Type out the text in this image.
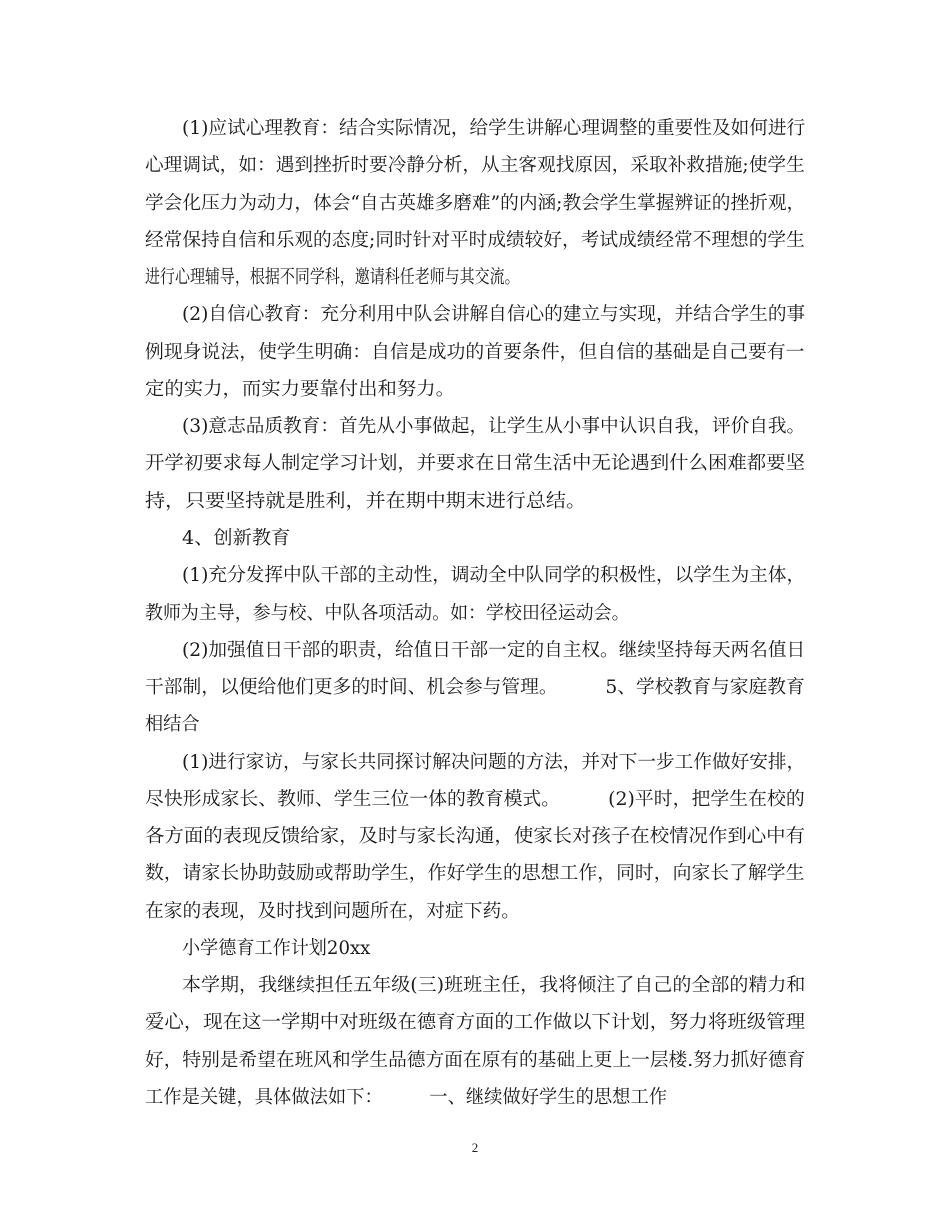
(1)应试心理教育：结合实际情况，给学生讲解心理调整的重要性及如何进行
心理调试，如：遇到挫折时要冷静分析，从主客观找原因，采取补救措施;使学生
学会化压力为动力，体会“自古英雄多磨难”的内涵;教会学生掌握辨证的挫折观，
经常保持自信和乐观的态度;同时针对平时成绩较好，考试成绩经常不理想的学生
进行心理辅导，根据不同学科，邀请科任老师与其交流。
(2)自信心教育：充分利用中队会讲解自信心的建立与实现，并结合学生的事
例现身说法，使学生明确：自信是成功的首要条件，但自信的基础是自己要有一
定的实力，而实力要靠付出和努力。
(3)意志品质教育：首先从小事做起，让学生从小事中认识自我，评价自我。
开学初要求每人制定学习计划，并要求在日常生活中无论遇到什么困难都要坚
持，只要坚持就是胜利，并在期中期末进行总结。
4、创新教育
(1)充分发挥中队干部的主动性，调动全中队同学的积极性，以学生为主体，
教师为主导，参与校、中队各项活动。如：学校田径运动会。
(2)加强值日干部的职责，给值日干部一定的自主权。继续坚持每天两名值日
干部制，以便给他们更多的时间、机会参与管理。        5、学校教育与家庭教育
相结合
(1)进行家访，与家长共同探讨解决问题的方法，并对下一步工作做好安排，
尽快形成家长、教师、学生三位一体的教育模式。        (2)平时，把学生在校的
各方面的表现反馈给家，及时与家长沟通，使家长对孩子在校情况作到心中有
数，请家长协助鼓励或帮助学生，作好学生的思想工作，同时，向家长了解学生
在家的表现，及时找到问题所在，对症下药。
小学德育工作计划20xx
本学期，我继续担任五年级(三)班班主任，我将倾注了自己的全部的精力和
爱心，现在这一学期中对班级在德育方面的工作做以下计划，努力将班级管理
好，特别是希望在班风和学生品德方面在原有的基础上更上一层楼.努力抓好德育
工作是关键，具体做法如下：        一、继续做好学生的思想工作
2
